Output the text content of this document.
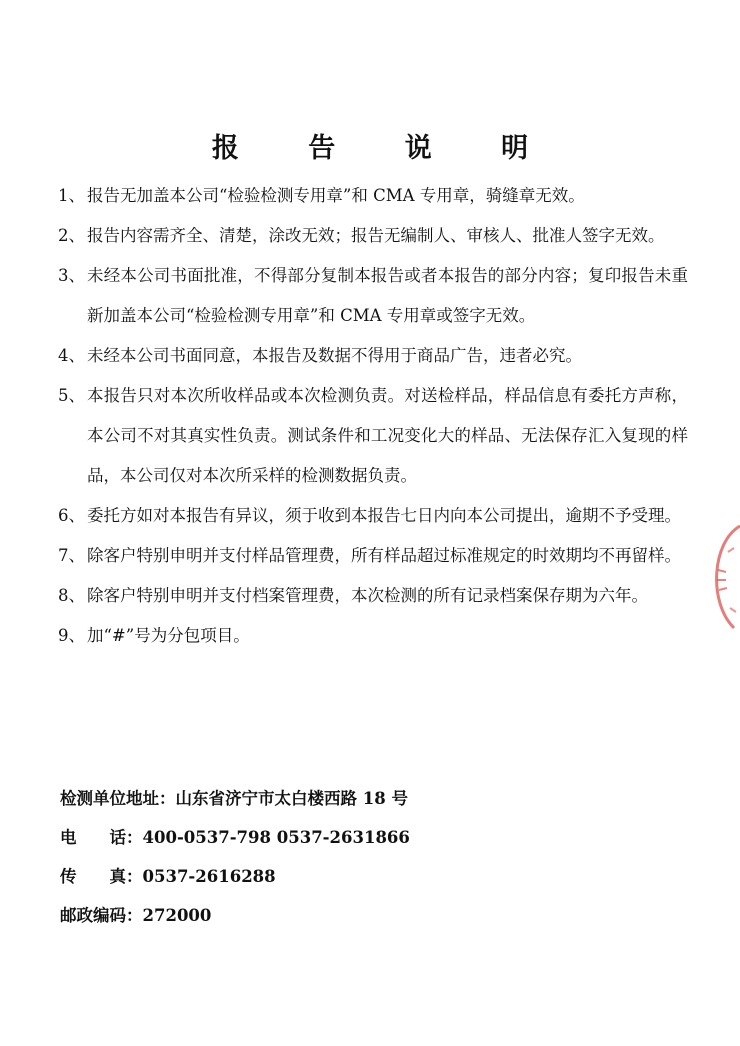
报 告 说 明
1、 报告无加盖本公司“检验检测专用章”和 CMA 专用章，骑缝章无效。
2、 报告内容需齐全、清楚，涂改无效；报告无编制人、审核人、批准人签字无效。
3、 未经本公司书面批准，不得部分复制本报告或者本报告的部分内容；复印报告未重新加盖本公司“检验检测专用章”和 CMA 专用章或签字无效。
4、 未经本公司书面同意，本报告及数据不得用于商品广告，违者必究。
5、 本报告只对本次所收样品或本次检测负责。对送检样品，样品信息有委托方声称，本公司不对其真实性负责。测试条件和工况变化大的样品、无法保存汇入复现的样品，本公司仅对本次所采样的检测数据负责。
6、 委托方如对本报告有异议，须于收到本报告七日内向本公司提出，逾期不予受理。
7、 除客户特别申明并支付样品管理费，所有样品超过标准规定的时效期均不再留样。
8、 除客户特别申明并支付档案管理费，本次检测的所有记录档案保存期为六年。
9、 加“#”号为分包项目。
检测单位地址：山东省济宁市太白楼西路 18 号
电　　话：400-0537-798 0537-2631866
传　　真：0537-2616288
邮政编码：272000
